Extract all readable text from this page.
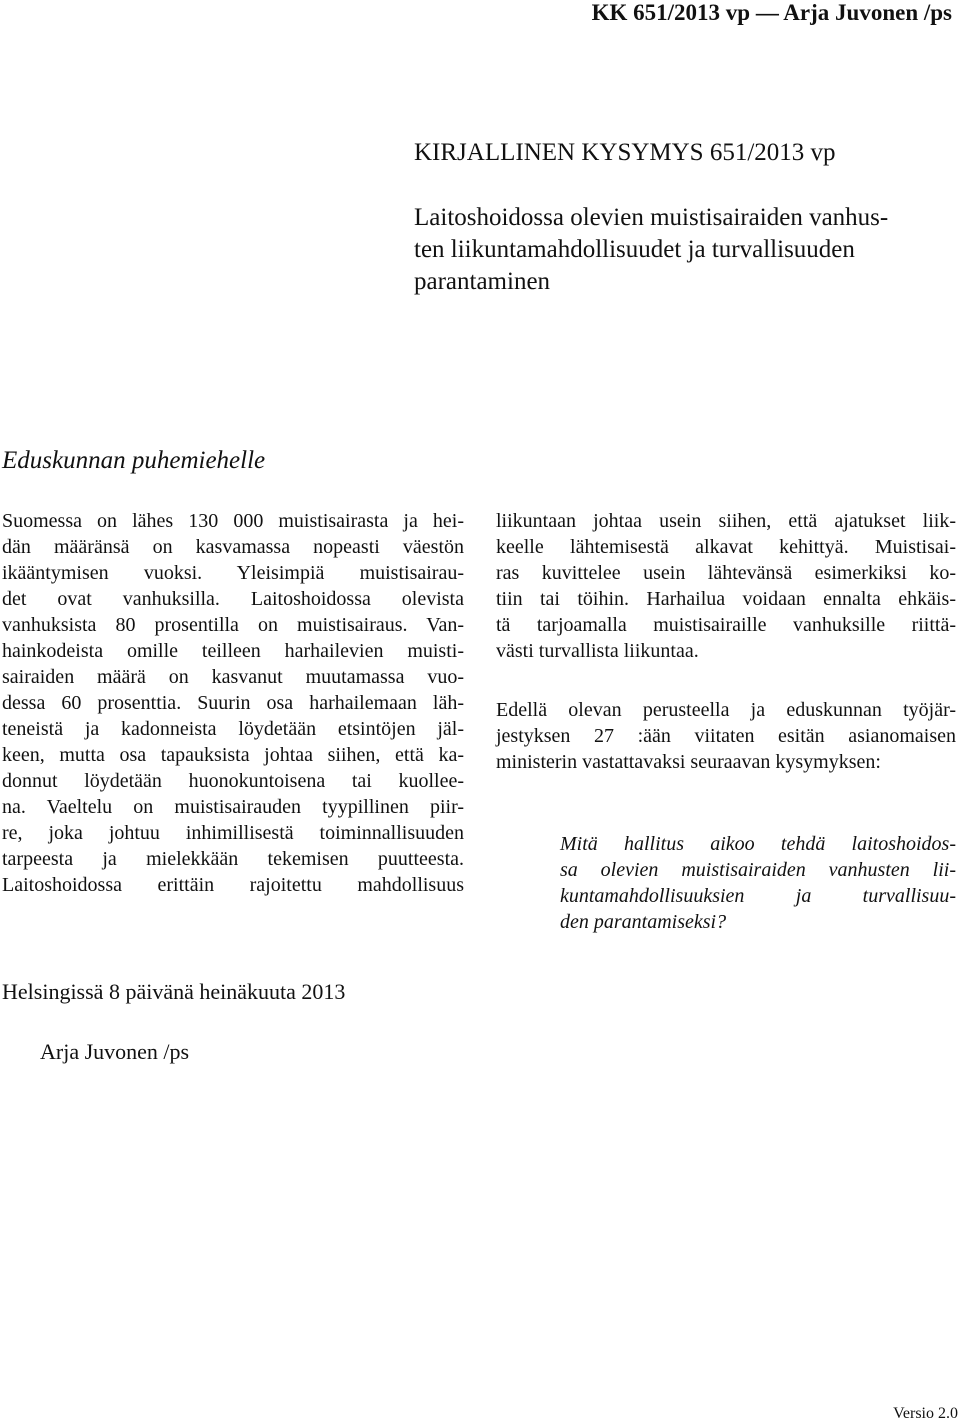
KK 651/2013 vp — Arja Juvonen /ps
KIRJALLINEN KYSYMYS 651/2013 vp
Laitoshoidossa olevien muistisairaiden vanhus-
ten liikuntamahdollisuudet ja turvallisuuden
parantaminen
Eduskunnan puhemiehelle
Suomessa on lähes 130 000 muistisairasta ja hei-
dän määränsä on kasvamassa nopeasti väestön
ikääntymisen vuoksi. Yleisimpiä muistisairau-
det ovat vanhuksilla. Laitoshoidossa olevista
vanhuksista 80 prosentilla on muistisairaus. Van-
hainkodeista omille teilleen harhailevien muisti-
sairaiden määrä on kasvanut muutamassa vuo-
dessa 60 prosenttia. Suurin osa harhailemaan läh-
teneistä ja kadonneista löydetään etsintöjen jäl-
keen, mutta osa tapauksista johtaa siihen, että ka-
donnut löydetään huonokuntoisena tai kuollee-
na. Vaeltelu on muistisairauden tyypillinen piir-
re, joka johtuu inhimillisestä toiminnallisuuden
tarpeesta ja mielekkään tekemisen puutteesta.
Laitoshoidossa erittäin rajoitettu mahdollisuus
liikuntaan johtaa usein siihen, että ajatukset liik-
keelle lähtemisestä alkavat kehittyä. Muistisai-
ras kuvittelee usein lähtevänsä esimerkiksi ko-
tiin tai töihin. Harhailua voidaan ennalta ehkäis-
tä tarjoamalla muistisairaille vanhuksille riittä-
västi turvallista liikuntaa.
Edellä olevan perusteella ja eduskunnan työjär-
jestyksen 27 :ään viitaten esitän asianomaisen
ministerin vastattavaksi seuraavan kysymyksen:
Mitä hallitus aikoo tehdä laitoshoidos-
sa olevien muistisairaiden vanhusten lii-
kuntamahdollisuuksien ja turvallisuu-
den parantamiseksi?
Helsingissä 8 päivänä heinäkuuta 2013
Arja Juvonen /ps
Versio 2.0
